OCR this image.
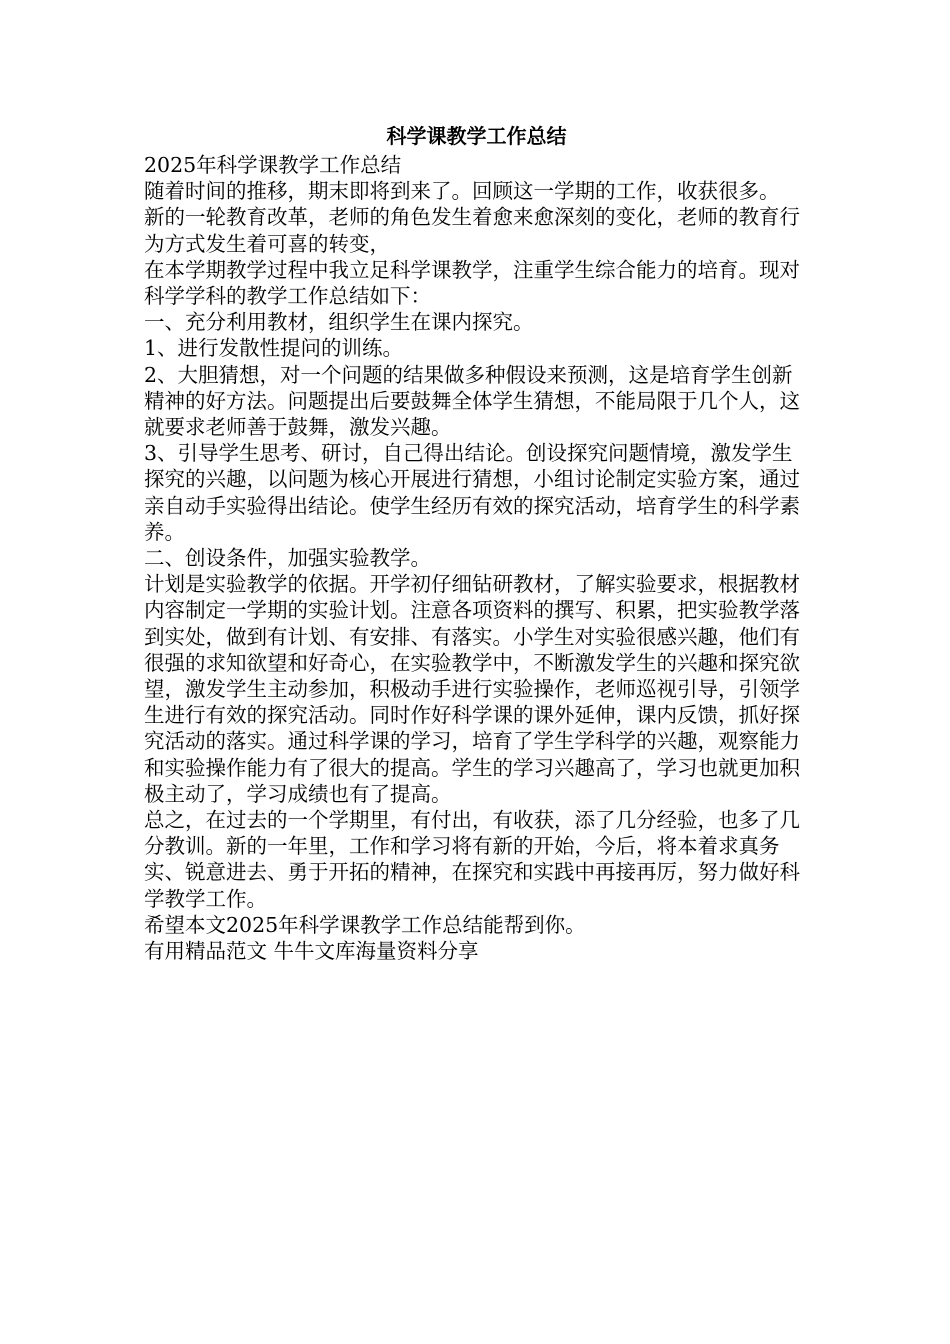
科学课教学工作总结

2025年科学课教学工作总结

随着时间的推移，期末即将到来了。回顾这一学期的工作，收获很多。

新的一轮教育改革，老师的角色发生着愈来愈深刻的变化，老师的教育行为方式发生着可喜的转变，

在本学期教学过程中我立足科学课教学，注重学生综合能力的培育。现对科学学科的教学工作总结如下：

一、充分利用教材，组织学生在课内探究。

1、进行发散性提问的训练。

2、大胆猜想，对一个问题的结果做多种假设来预测，这是培育学生创新精神的好方法。问题提出后要鼓舞全体学生猜想，不能局限于几个人，这就要求老师善于鼓舞，激发兴趣。

3、引导学生思考、研讨，自己得出结论。创设探究问题情境，激发学生探究的兴趣，以问题为核心开展进行猜想，小组讨论制定实验方案，通过亲自动手实验得出结论。使学生经历有效的探究活动，培育学生的科学素养。

二、创设条件，加强实验教学。

计划是实验教学的依据。开学初仔细钻研教材，了解实验要求，根据教材内容制定一学期的实验计划。注意各项资料的撰写、积累，把实验教学落到实处，做到有计划、有安排、有落实。小学生对实验很感兴趣，他们有很强的求知欲望和好奇心，在实验教学中，不断激发学生的兴趣和探究欲望，激发学生主动参加，积极动手进行实验操作，老师巡视引导，引领学生进行有效的探究活动。同时作好科学课的课外延伸，课内反馈，抓好探究活动的落实。通过科学课的学习，培育了学生学科学的兴趣，观察能力和实验操作能力有了很大的提高。学生的学习兴趣高了，学习也就更加积极主动了，学习成绩也有了提高。

总之，在过去的一个学期里，有付出，有收获，添了几分经验，也多了几分教训。新的一年里，工作和学习将有新的开始，今后，将本着求真务实、锐意进去、勇于开拓的精神，在探究和实践中再接再厉，努力做好科学教学工作。

希望本文2025年科学课教学工作总结能帮到你。

有用精品范文 牛牛文库海量资料分享
